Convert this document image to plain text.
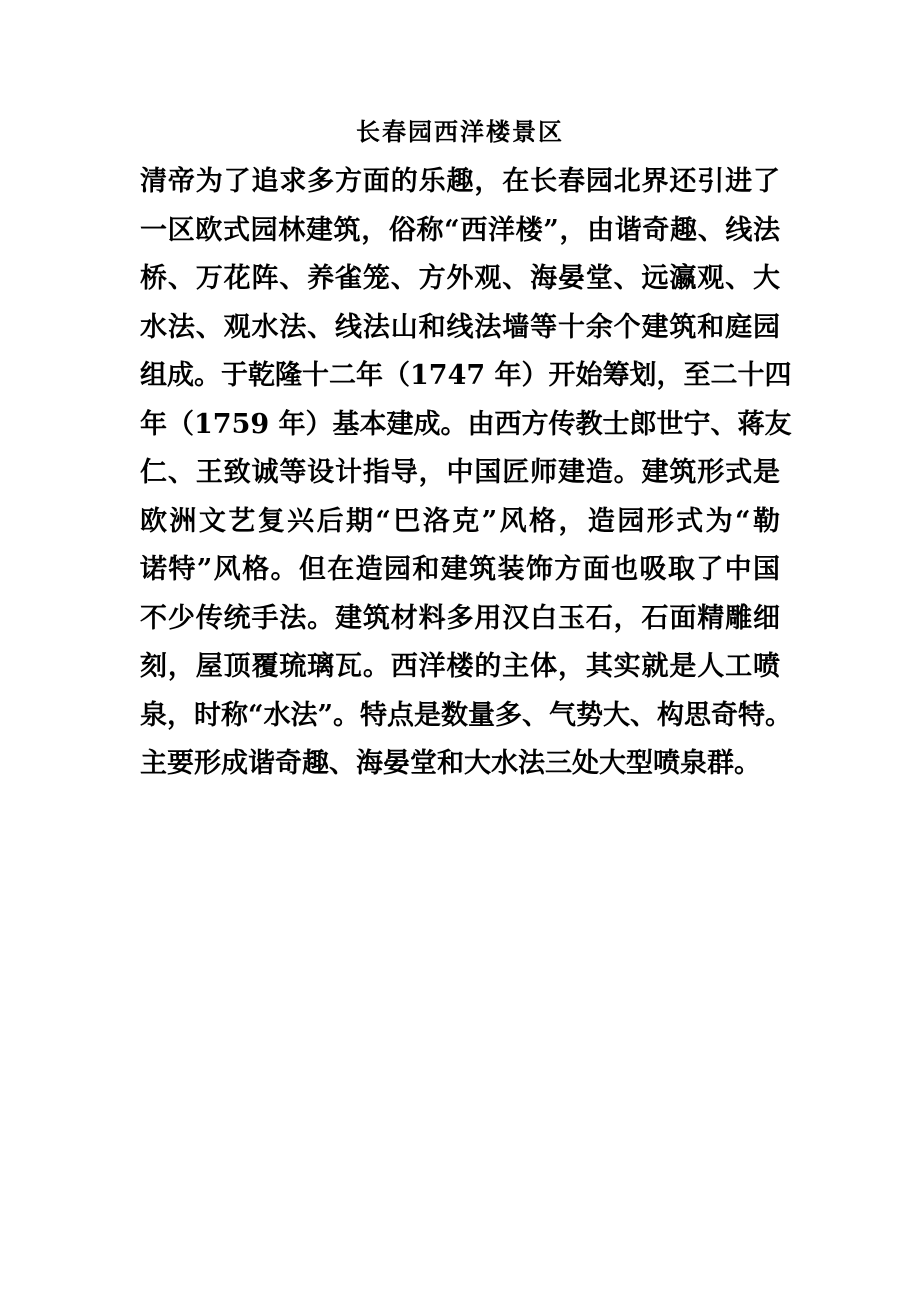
长春园西洋楼景区
清帝为了追求多方面的乐趣，在长春园北界还引进了
一区欧式园林建筑，俗称“西洋楼”，由谐奇趣、线法
桥、万花阵、养雀笼、方外观、海晏堂、远瀛观、大
水法、观水法、线法山和线法墙等十余个建筑和庭园
组成。于乾隆十二年（1747 年）开始筹划，至二十四
年（1759 年）基本建成。由西方传教士郎世宁、蒋友
仁、王致诚等设计指导，中国匠师建造。建筑形式是
欧洲文艺复兴后期“巴洛克”风格，造园形式为“勒
诺特”风格。但在造园和建筑装饰方面也吸取了中国
不少传统手法。建筑材料多用汉白玉石，石面精雕细
刻，屋顶覆琉璃瓦。西洋楼的主体，其实就是人工喷
泉，时称“水法”。特点是数量多、气势大、构思奇特。
主要形成谐奇趣、海晏堂和大水法三处大型喷泉群。
